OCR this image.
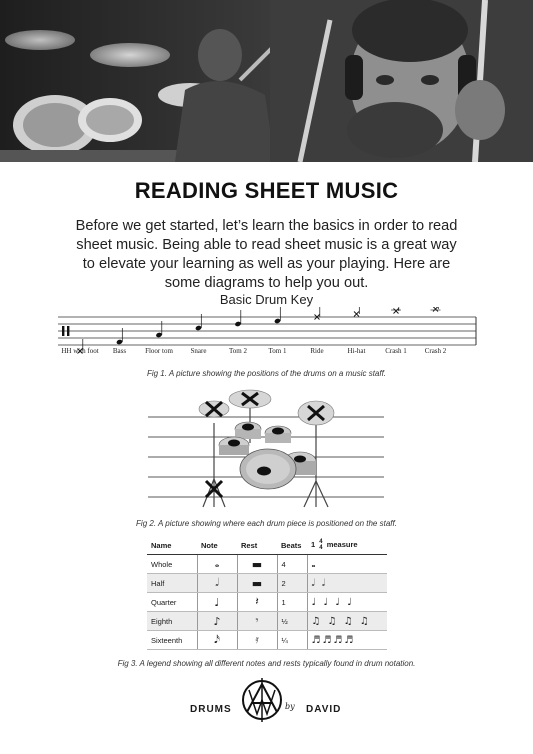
READING SHEET MUSIC

Before we get started, let’s learn the basics in order to read sheet music. Being able to read sheet music is a great way to elevate your learning as well as your playing. Here are some diagrams to help you out.

Basic Drum Key
HH with foot	Bass	Floor tom	Snare	Tom 2	Tom 1	Ride	Hi-hat	Crash 1	Crash 2
Fig 1. A picture showing the positions of the drums on a music staff.
Fig 2. A picture showing where each drum piece is positioned on the staff.
Name	Note	Rest	Beats	1 4
4 measure
Whole	𝅝	▬	4	𝅝
Half	𝅗𝅥	▬	2	𝅗𝅥 𝅗𝅥
Quarter	♩	𝄽	1	♩ ♩ ♩ ♩
Eighth	♪	𝄾	½	♫ ♫ ♫ ♫
Sixteenth	𝅘𝅥𝅯	𝄿	¼	♬♬♬♬
Fig 3. A legend showing all different notes and rests typically found in drum notation.
DRUMS	by DAVID
